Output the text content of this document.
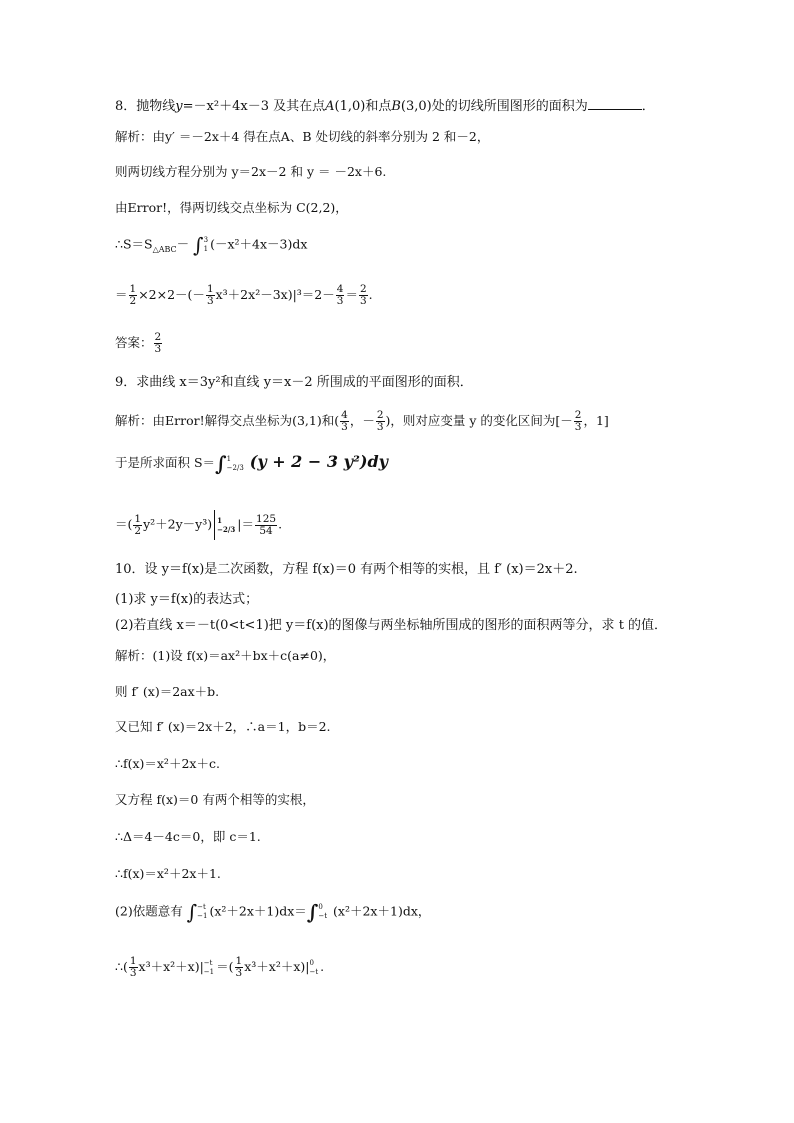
8．抛物线y=－x²＋4x－3 及其在点A(1,0)和点B(3,0)处的切线所围图形的面积为	．
解析：由y′ ＝－2x＋4 得在点A、B 处切线的斜率分别为 2 和－2，
则两切线方程分别为 y＝2x－2 和 y ＝ －2x＋6.
由Error!，得两切线交点坐标为 C(2,2)，
$\therefore S=S_{\triangle ABC}-$ ∫ 3
1 (－x²＋4x－3)dx
＝ $\frac{1}{2} \times 2\times 2-(- \frac{1}{3} x^3+2x^2-3x)|^3=2- \frac{4}{3} = \frac{2}{3}$ .
答案： $\frac{2}{3}$
9．求曲线 x＝3y²和直线 y＝x－2 所围成的平面图形的面积．
解析：由Error!解得交点坐标为(3,1)和( $\frac{4}{3}$ ，－ $\frac{2}{3}$ )，则对应变量 y 的变化区间为[－ $\frac{2}{3}$ ，1]
于是所求面积 S＝∫ 1
−2/3 (y + 2 − 3 y²)dy
＝( $\frac{1}{2} y^2+2y-y^3$) 1
−2/3 |＝ $\frac{125}{54}$ .
10．设 y＝f(x)是二次函数，方程 f(x)＝0 有两个相等的实根，且 f′ (x)＝2x＋2.
(1)求 y＝f(x)的表达式；
(2)若直线 x＝－t(0<t<1)把 y＝f(x)的图像与两坐标轴所围成的图形的面积两等分，求 t 的值．
解析：(1)设 f(x)＝ax²＋bx＋c(a≠0)，
则 f′ (x)＝2ax＋b.
又已知 f′ (x)＝2x＋2，∴a＝1，b＝2.
∴f(x)＝x²＋2x＋c.
又方程 f(x)＝0 有两个相等的实根，
∴Δ＝4－4c＝0，即 c＝1.
∴f(x)＝x²＋2x＋1.
(2)依题意有 ∫ −t
−1 (x²＋2x＋1)dx＝∫ 0
−t (x²＋2x＋1)dx，
∴( $\frac{1}{3} x^3+x^2+x)| -t$
−1 ＝( $\frac{1}{3} x^3+x^2+x)|$ 0
−t .
